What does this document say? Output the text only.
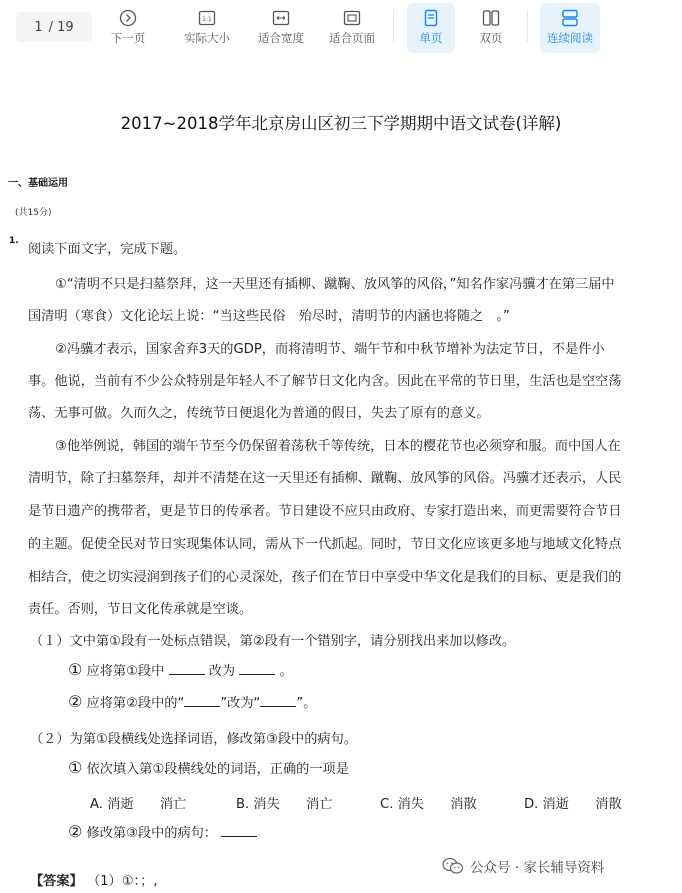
1 / 19
下一页
1:1
实际大小 适合宽度 适合页面	单页	双页	连续阅读
2017~2018学年北京房山区初三下学期期中语文试卷(详解)
一、基础运用
(共15分)
1.
阅读下面文字，完成下题。
①“清明不只是扫墓祭拜，这一天里还有插柳、蹴鞠、放风筝的风俗，”知名作家冯骥才在第三届中
国清明（寒食）文化论坛上说：“当这些民俗　殆尽时，清明节的内涵也将随之　。”
②冯骥才表示，国家舍弃3天的GDP，而将清明节、端午节和中秋节增补为法定节日，不是件小
事。他说，当前有不少公众特别是年轻人不了解节日文化内含。因此在平常的节日里，生活也是空空荡
荡、无事可做。久而久之，传统节日便退化为普通的假日，失去了原有的意义。
③他举例说，韩国的端午节至今仍保留着荡秋千等传统，日本的樱花节也必须穿和服。而中国人在
清明节，除了扫墓祭拜，却并不清楚在这一天里还有插柳、蹴鞠、放风筝的风俗。冯骥才还表示，人民
是节日遗产的携带者，更是节日的传承者。节日建设不应只由政府、专家打造出来，而更需要符合节日
的主题。促使全民对节日实现集体认同，需从下一代抓起。同时，节日文化应该更多地与地域文化特点
相结合，使之切实浸润到孩子们的心灵深处，孩子们在节日中享受中华文化是我们的目标、更是我们的
责任。否则，节日文化传承就是空谈。
（１）文中第①段有一处标点错误，第②段有一个错别字，请分别找出来加以修改。
① 应将第①段中	改为	。
② 应将第②段中的“	”改为“	”。
（２）为第①段横线处选择词语，修改第③段中的病句。
① 依次填入第①段横线处的词语，正确的一项是
A. 消逝　　消亡	B. 消失　　消亡	C. 消失　　消散	D. 消逝　　消散
② 修改第③段中的病句：
【答案】 （1）①：；,
公众号 · 家长辅导资料
